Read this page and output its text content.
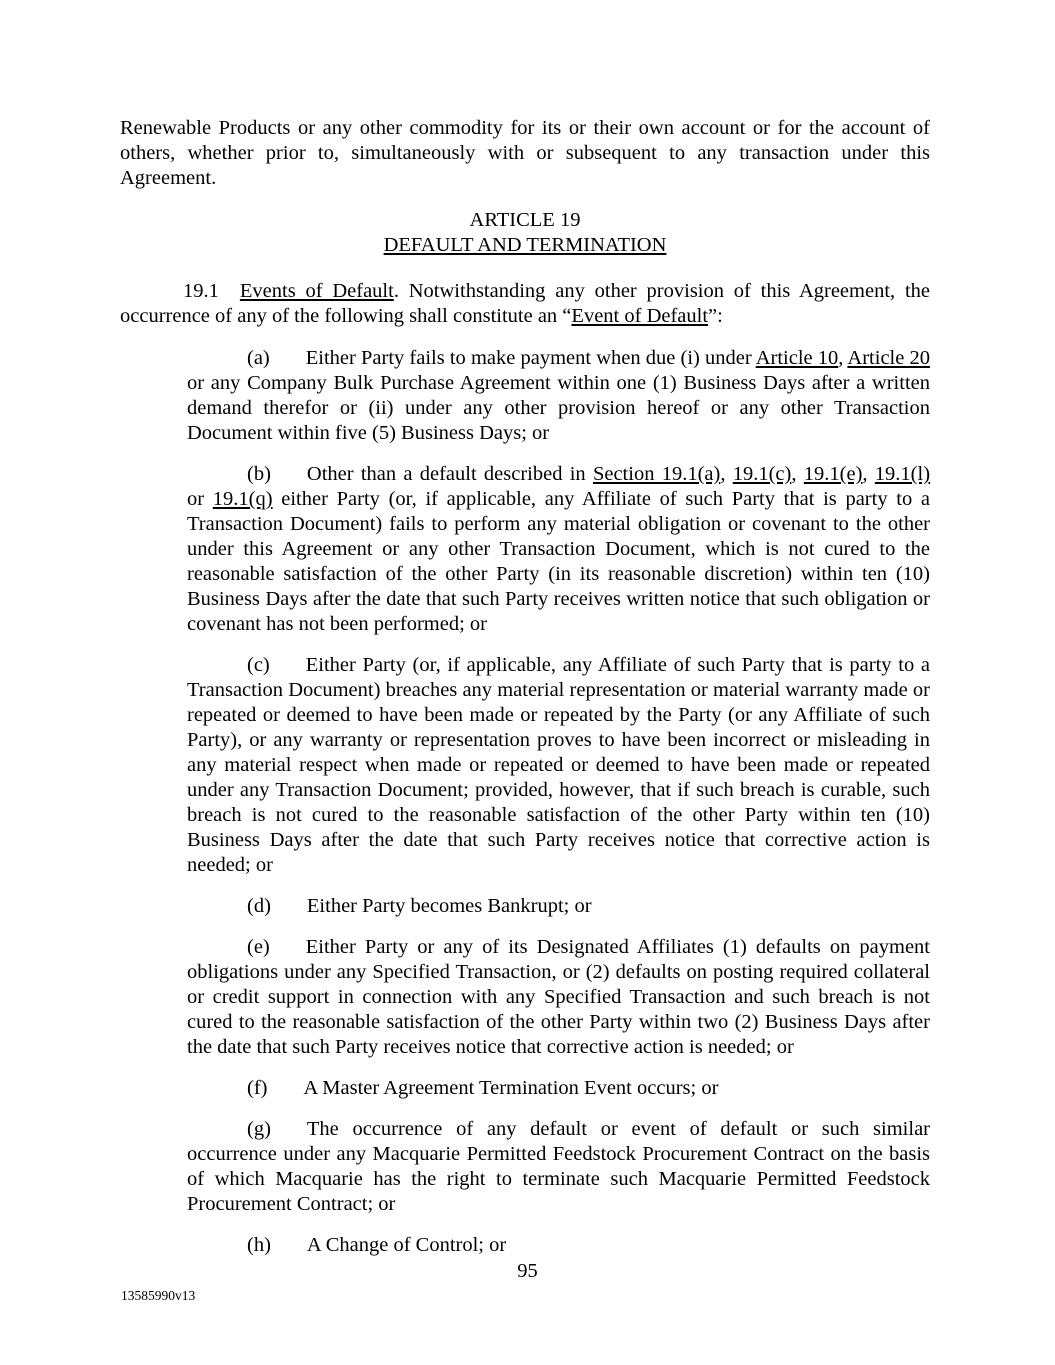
Renewable Products or any other commodity for its or their own account or for the account of others, whether prior to, simultaneously with or subsequent to any transaction under this Agreement.

ARTICLE 19

DEFAULT AND TERMINATION

19.1 Events of Default. Notwithstanding any other provision of this Agreement, the occurrence of any of the following shall constitute an “Event of Default”:

(a) Either Party fails to make payment when due (i) under Article 10, Article 20 or any Company Bulk Purchase Agreement within one (1) Business Days after a written demand therefor or (ii) under any other provision hereof or any other Transaction Document within five (5) Business Days; or

(b) Other than a default described in Section 19.1(a), 19.1(c), 19.1(e), 19.1(l) or 19.1(q) either Party (or, if applicable, any Affiliate of such Party that is party to a Transaction Document) fails to perform any material obligation or covenant to the other under this Agreement or any other Transaction Document, which is not cured to the reasonable satisfaction of the other Party (in its reasonable discretion) within ten (10) Business Days after the date that such Party receives written notice that such obligation or covenant has not been performed; or

(c) Either Party (or, if applicable, any Affiliate of such Party that is party to a Transaction Document) breaches any material representation or material warranty made or repeated or deemed to have been made or repeated by the Party (or any Affiliate of such Party), or any warranty or representation proves to have been incorrect or misleading in any material respect when made or repeated or deemed to have been made or repeated under any Transaction Document; provided, however, that if such breach is curable, such breach is not cured to the reasonable satisfaction of the other Party within ten (10) Business Days after the date that such Party receives notice that corrective action is needed; or

(d) Either Party becomes Bankrupt; or

(e) Either Party or any of its Designated Affiliates (1) defaults on payment obligations under any Specified Transaction, or (2) defaults on posting required collateral or credit support in connection with any Specified Transaction and such breach is not cured to the reasonable satisfaction of the other Party within two (2) Business Days after the date that such Party receives notice that corrective action is needed; or

(f) A Master Agreement Termination Event occurs; or

(g) The occurrence of any default or event of default or such similar occurrence under any Macquarie Permitted Feedstock Procurement Contract on the basis of which Macquarie has the right to terminate such Macquarie Permitted Feedstock Procurement Contract; or

(h) A Change of Control; or

95
13585990v13
